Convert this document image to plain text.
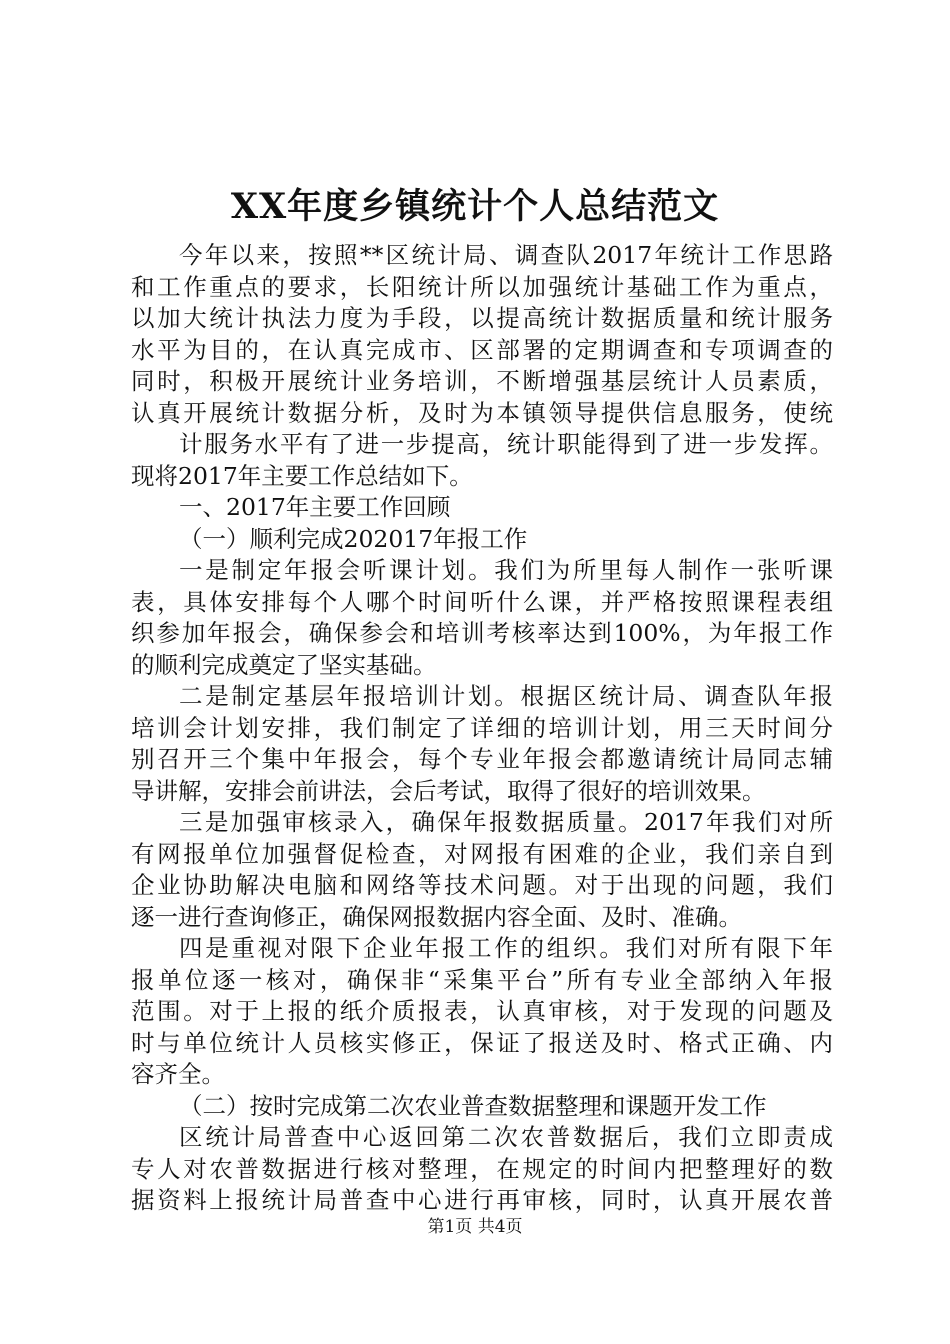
XX年度乡镇统计个人总结范文
今年以来，按照**区统计局、调查队2017年统计工作思路
和工作重点的要求，长阳统计所以加强统计基础工作为重点，
以加大统计执法力度为手段，以提高统计数据质量和统计服务
水平为目的，在认真完成市、区部署的定期调查和专项调查的
同时，积极开展统计业务培训，不断增强基层统计人员素质，
认真开展统计数据分析，及时为本镇领导提供信息服务，使统
计服务水平有了进一步提高，统计职能得到了进一步发挥。
现将2017年主要工作总结如下。
一、2017年主要工作回顾
（一）顺利完成202017年报工作
一是制定年报会听课计划。我们为所里每人制作一张听课
表，具体安排每个人哪个时间听什么课，并严格按照课程表组
织参加年报会，确保参会和培训考核率达到100%，为年报工作
的顺利完成奠定了坚实基础。
二是制定基层年报培训计划。根据区统计局、调查队年报
培训会计划安排，我们制定了详细的培训计划，用三天时间分
别召开三个集中年报会，每个专业年报会都邀请统计局同志辅
导讲解，安排会前讲法，会后考试，取得了很好的培训效果。
三是加强审核录入，确保年报数据质量。2017年我们对所
有网报单位加强督促检查，对网报有困难的企业，我们亲自到
企业协助解决电脑和网络等技术问题。对于出现的问题，我们
逐一进行查询修正，确保网报数据内容全面、及时、准确。
四是重视对限下企业年报工作的组织。我们对所有限下年
报单位逐一核对，确保非“采集平台”所有专业全部纳入年报
范围。对于上报的纸介质报表，认真审核，对于发现的问题及
时与单位统计人员核实修正，保证了报送及时、格式正确、内
容齐全。
（二）按时完成第二次农业普查数据整理和课题开发工作
区统计局普查中心返回第二次农普数据后，我们立即责成
专人对农普数据进行核对整理，在规定的时间内把整理好的数
据资料上报统计局普查中心进行再审核，同时，认真开展农普
第1页 共4页
